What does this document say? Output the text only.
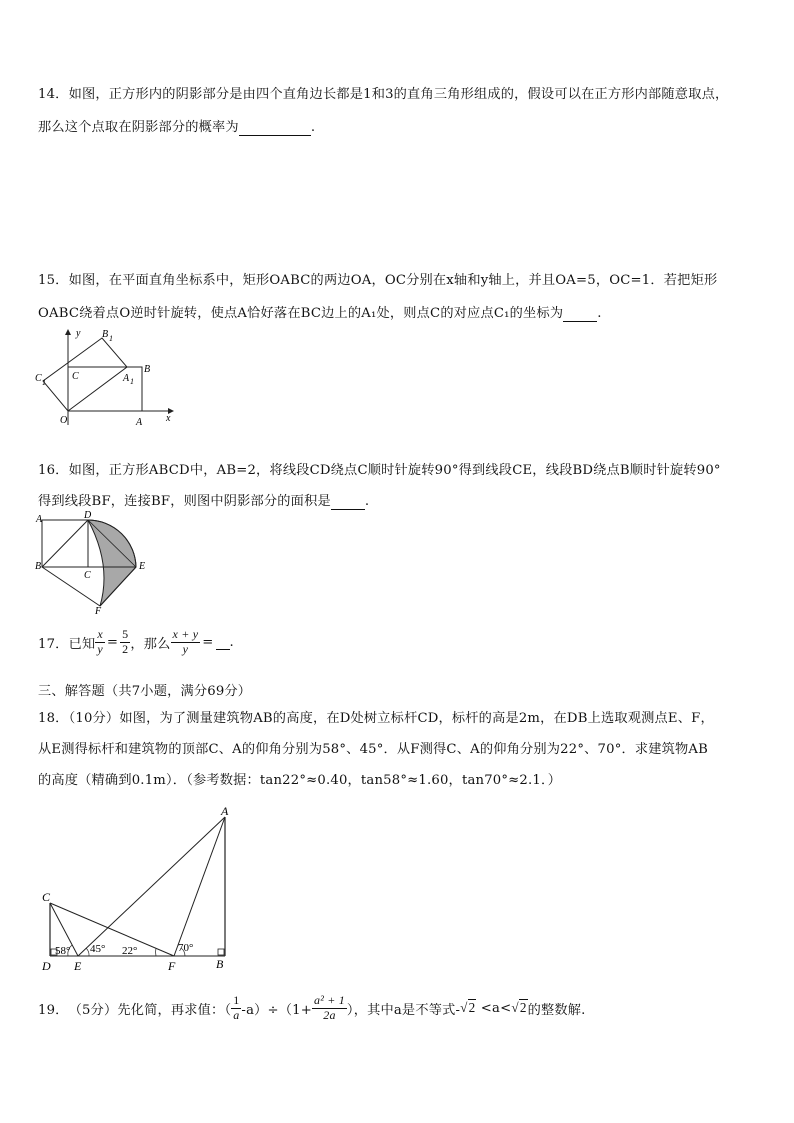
14．如图，正方形内的阴影部分是由四个直角边长都是1和3的直角三角形组成的，假设可以在正方形内部随意取点，
那么这个点取在阴影部分的概率为	.
15．如图，在平面直角坐标系中，矩形OABC的两边OA，OC分别在x轴和y轴上，并且OA=5，OC=1．若把矩形
OABC绕着点O逆时针旋转，使点A恰好落在BC边上的A₁处，则点C的对应点C₁的坐标为	.
y B 1
C 1
C	A 1
B
O	A x
16．如图，正方形ABCD中，AB=2，将线段CD绕点C顺时针旋转90°得到线段CE，线段BD绕点B顺时针旋转90°
得到线段BF，连接BF，则图中阴影部分的面积是	.
A	D
B
C
E
F
17． 已知 $\frac{x}{y} = \frac{5}{2}$ ，那么 $\frac{x + y}{y}$ =
.
三、解答题（共7小题，满分69分）
18．（10分）如图，为了测量建筑物AB的高度，在D处树立标杆CD，标杆的高是2m，在DB上选取观测点E、F，
从E测得标杆和建筑物的顶部C、A的仰角分别为58°、45°．从F测得C、A的仰角分别为22°、70°．求建筑物AB
的高度（精确到0.1m）．（参考数据：tan22°≈0.40，tan58°≈1.60，tan70°≈2.1．）
A
C
58° 45° 22°	70°
D E	F	B
19． （5分）先化简，再求值：（ $\frac{1}{a} -a)\div(1+ \frac{\text{a² + 1}}{2a}$ ），其中a是不等式- √2 <a< √2 的整数解.
